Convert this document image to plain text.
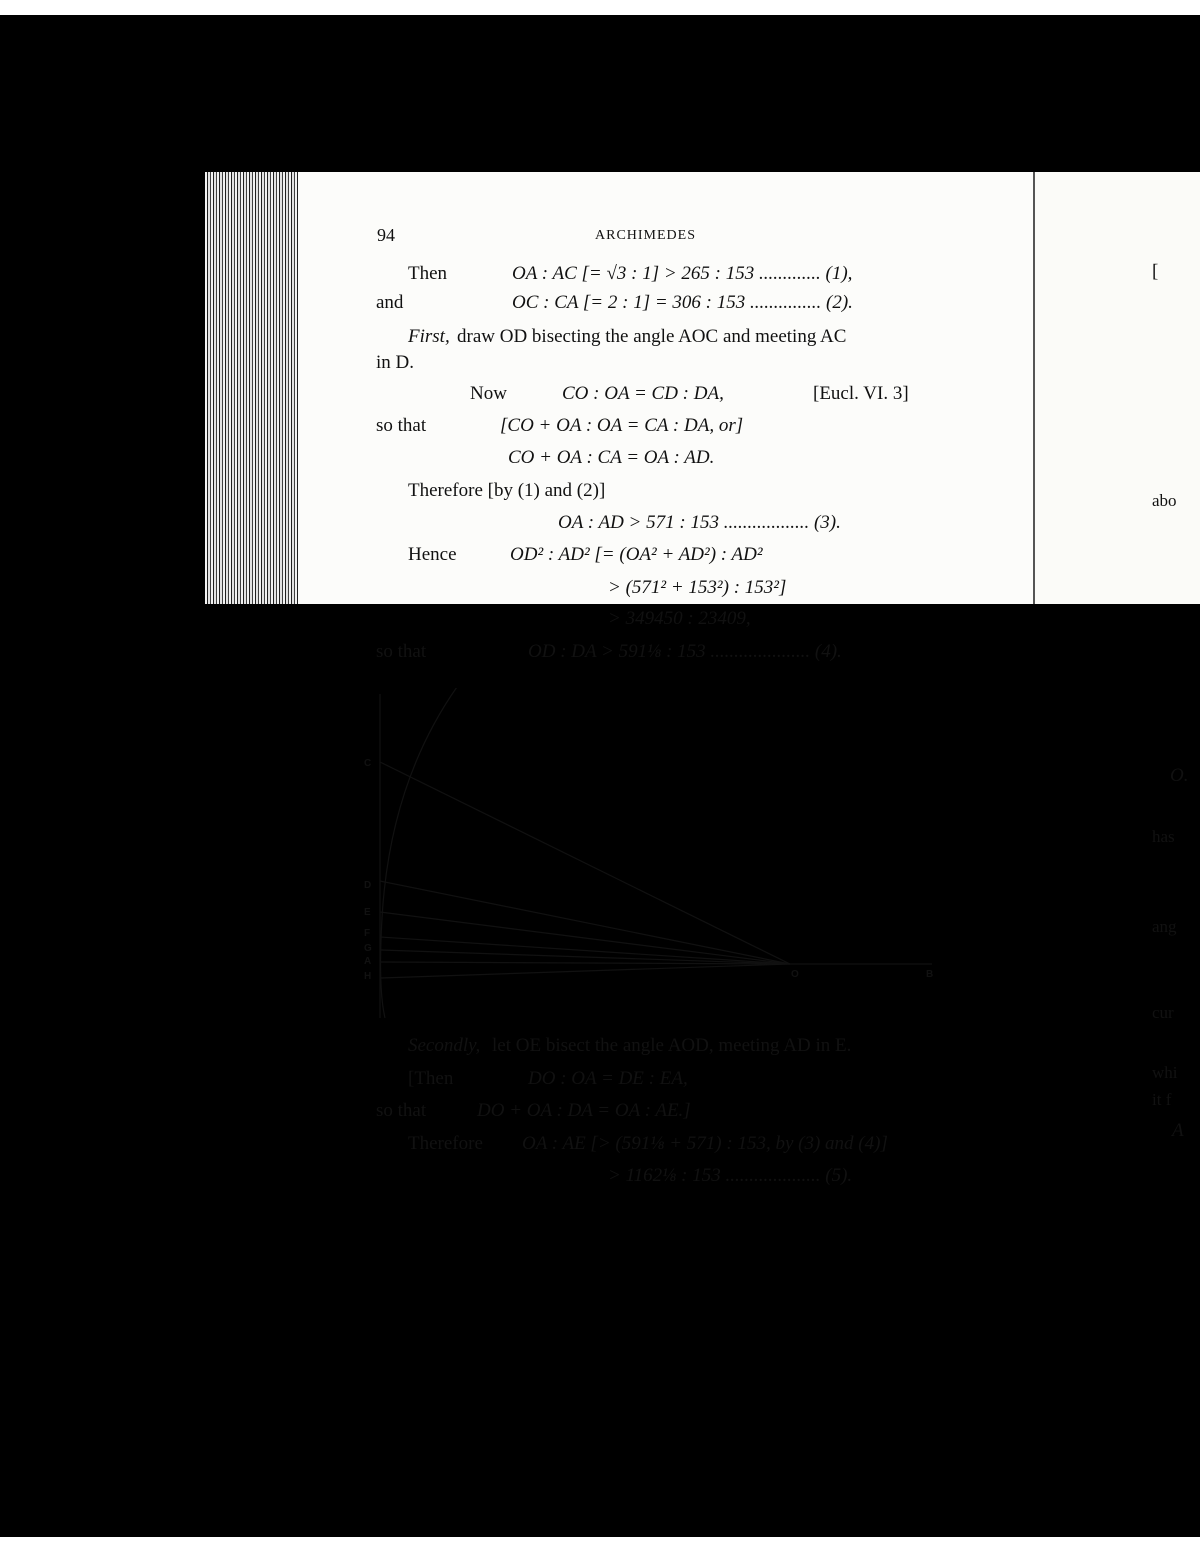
[
abo
O.
has
ang
cur
whi
it f
A
94	ARCHIMEDES
Then	OA : AC [= √3 : 1] > 265 : 153 ............. (1),
and	OC : CA [= 2 : 1] = 306 : 153 ............... (2).
First, draw OD bisecting the angle AOC and meeting AC
in D.
Now	CO : OA = CD : DA,	[Eucl. VI. 3]
so that	[CO + OA : OA = CA : DA, or]
CO + OA : CA = OA : AD.
Therefore [by (1) and (2)]
OA : AD > 571 : 153 .................. (3).
Hence	OD² : AD² [= (OA² + AD²) : AD²
> (571² + 153²) : 153²]
> 349450 : 23409,
so that	OD : DA > 591⅛ : 153 ..................... (4).
C
D
E
F
G
A
H	O	B
Secondly, let OE bisect the angle AOD, meeting AD in E.
[Then	DO : OA = DE : EA,
so that	DO + OA : DA = OA : AE.]
Therefore OA : AE [> (591⅛ + 571) : 153, by (3) and (4)]
> 1162⅛ : 153 .................... (5).
